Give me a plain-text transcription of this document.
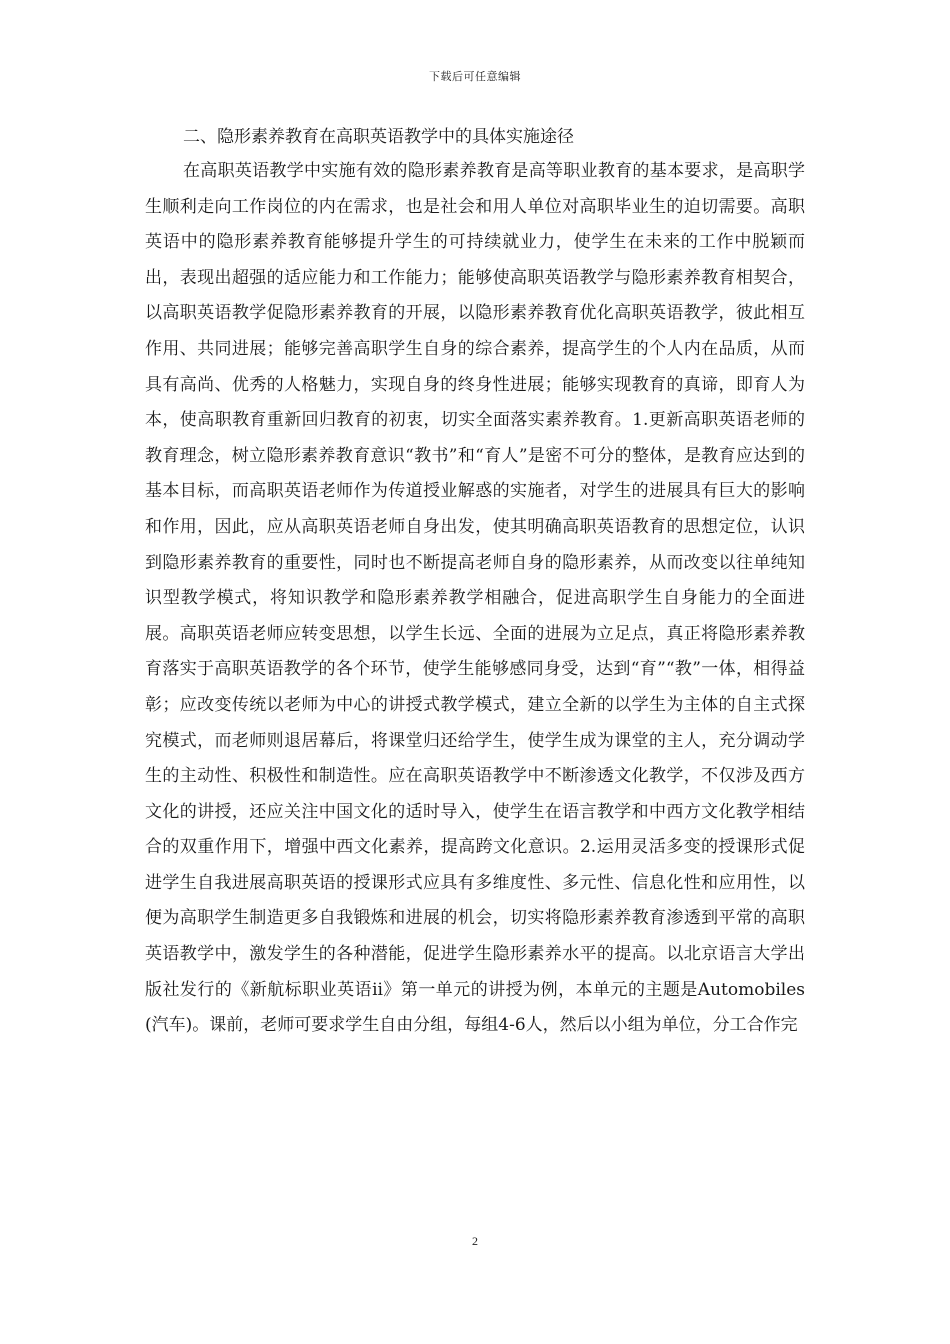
下载后可任意编辑
二、隐形素养教育在高职英语教学中的具体实施途径

在高职英语教学中实施有效的隐形素养教育是高等职业教育的基本要求，是高职学生顺利走向工作岗位的内在需求，也是社会和用人单位对高职毕业生的迫切需要。高职英语中的隐形素养教育能够提升学生的可持续就业力，使学生在未来的工作中脱颖而出，表现出超强的适应能力和工作能力；能够使高职英语教学与隐形素养教育相契合，以高职英语教学促隐形素养教育的开展，以隐形素养教育优化高职英语教学，彼此相互作用、共同进展；能够完善高职学生自身的综合素养，提高学生的个人内在品质，从而具有高尚、优秀的人格魅力，实现自身的终身性进展；能够实现教育的真谛，即育人为本，使高职教育重新回归教育的初衷，切实全面落实素养教育。1.更新高职英语老师的教育理念，树立隐形素养教育意识“教书”和“育人”是密不可分的整体，是教育应达到的基本目标，而高职英语老师作为传道授业解惑的实施者，对学生的进展具有巨大的影响和作用，因此，应从高职英语老师自身出发，使其明确高职英语教育的思想定位，认识到隐形素养教育的重要性，同时也不断提高老师自身的隐形素养，从而改变以往单纯知识型教学模式，将知识教学和隐形素养教学相融合，促进高职学生自身能力的全面进展。高职英语老师应转变思想，以学生长远、全面的进展为立足点，真正将隐形素养教育落实于高职英语教学的各个环节，使学生能够感同身受，达到“育”“教”一体，相得益彰；应改变传统以老师为中心的讲授式教学模式，建立全新的以学生为主体的自主式探究模式，而老师则退居幕后，将课堂归还给学生，使学生成为课堂的主人，充分调动学生的主动性、积极性和制造性。应在高职英语教学中不断渗透文化教学，不仅涉及西方文化的讲授，还应关注中国文化的适时导入，使学生在语言教学和中西方文化教学相结合的双重作用下，增强中西文化素养，提高跨文化意识。2.运用灵活多变的授课形式促进学生自我进展高职英语的授课形式应具有多维度性、多元性、信息化性和应用性，以便为高职学生制造更多自我锻炼和进展的机会，切实将隐形素养教育渗透到平常的高职英语教学中，激发学生的各种潜能，促进学生隐形素养水平的提高。以北京语言大学出版社发行的《新航标职业英语ii》第一单元的讲授为例，本单元的主题是Automobiles(汽车)。课前，老师可要求学生自由分组，每组4-6人，然后以小组为单位，分工合作完

2
